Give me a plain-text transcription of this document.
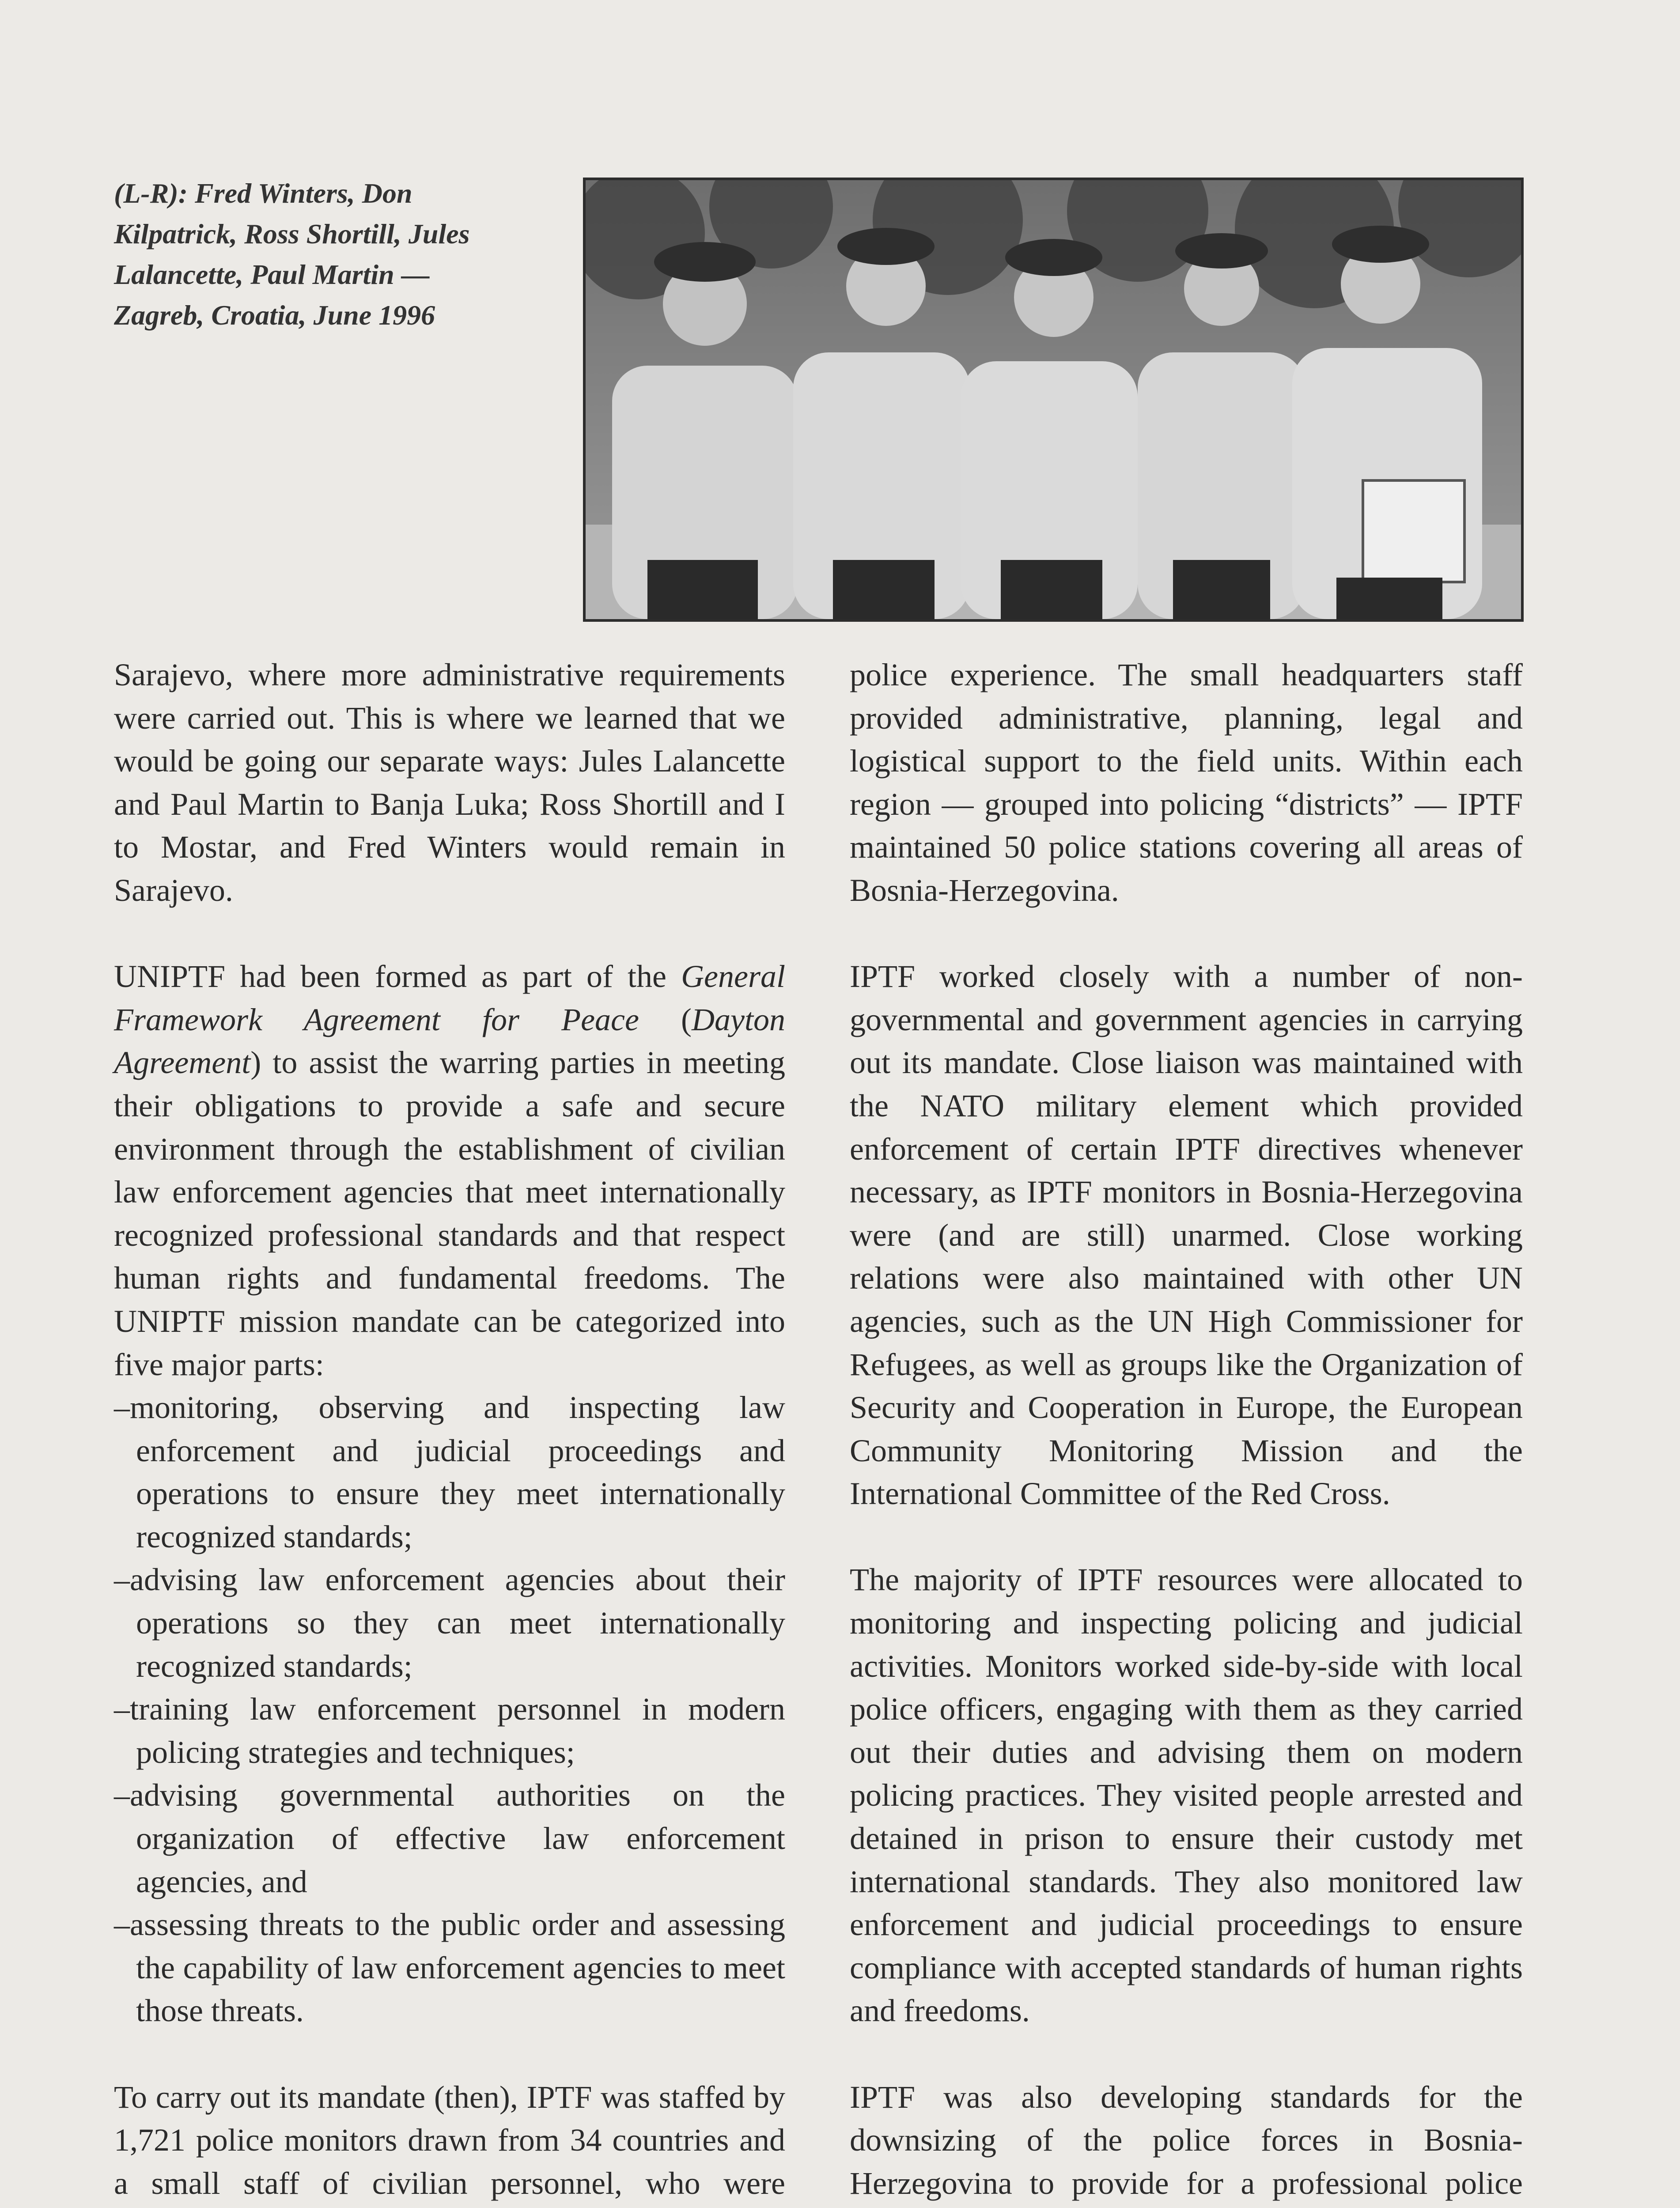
(L-R): Fred Winters, Don
Kilpatrick, Ross Shortill, Jules
Lalancette, Paul Martin —
Zagreb, Croatia, June 1996

Sarajevo, where more administrative requirements were carried out. This is where we learned that we would be going our separate ways: Jules Lalancette and Paul Martin to Banja Luka; Ross Shortill and I to Mostar, and Fred Winters would remain in Sarajevo.

UNIPTF had been formed as part of the General Framework Agreement for Peace (Dayton Agreement) to assist the warring parties in meeting their obligations to provide a safe and secure environment through the establishment of civilian law enforcement agencies that meet internationally recognized professional standards and that respect human rights and fundamental freedoms. The UNIPTF mission mandate can be categorized into five major parts:

–monitoring, observing and inspecting law enforcement and judicial proceedings and operations to ensure they meet internationally recognized standards;

–advising law enforcement agencies about their operations so they can meet internationally recognized standards;

–training law enforcement personnel in modern policing strategies and techniques;

–advising governmental authorities on the organization of effective law enforcement agencies, and

–assessing threats to the public order and assessing the capability of law enforcement agencies to meet those threats.

To carry out its mandate (then), IPTF was staffed by 1,721 police monitors drawn from 34 countries and a small staff of civilian personnel, who were

police experience. The small headquarters staff provided administrative, planning, legal and logistical support to the field units. Within each region — grouped into policing “districts” — IPTF maintained 50 police stations covering all areas of Bosnia-Herzegovina.

IPTF worked closely with a number of non-governmental and government agencies in carrying out its mandate. Close liaison was maintained with the NATO military element which provided enforcement of certain IPTF directives whenever necessary, as IPTF monitors in Bosnia-Herzegovina were (and are still) unarmed. Close working relations were also maintained with other UN agencies, such as the UN High Commissioner for Refugees, as well as groups like the Organization of Security and Cooperation in Europe, the European Community Monitoring Mission and the International Committee of the Red Cross.

The majority of IPTF resources were allocated to monitoring and inspecting policing and judicial activities. Monitors worked side-by-side with local police officers, engaging with them as they carried out their duties and advising them on modern policing practices. They visited people arrested and detained in prison to ensure their custody met international standards. They also monitored law enforcement and judicial proceedings to ensure compliance with accepted standards of human rights and freedoms.

IPTF was also developing standards for the downsizing of the police forces in Bosnia-Herzegovina to provide for a professional police
